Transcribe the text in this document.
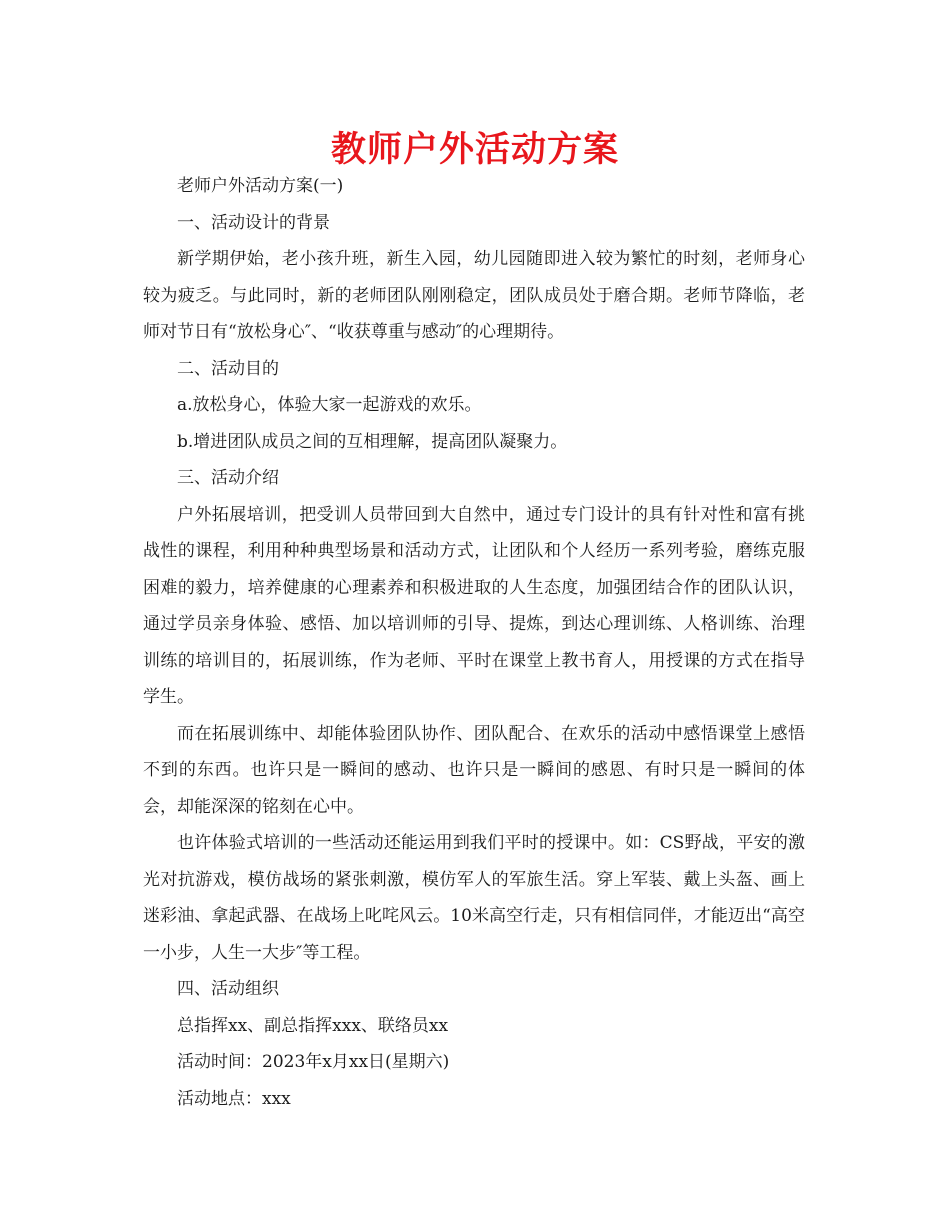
教师户外活动方案

老师户外活动方案(一)

一、活动设计的背景

新学期伊始，老小孩升班，新生入园，幼儿园随即进入较为繁忙的时刻，老师身心较为疲乏。与此同时，新的老师团队刚刚稳定，团队成员处于磨合期。老师节降临，老师对节日有“放松身心″、“收获尊重与感动″的心理期待。

二、活动目的

a.放松身心，体验大家一起游戏的欢乐。

b.增进团队成员之间的互相理解，提高团队凝聚力。

三、活动介绍

户外拓展培训，把受训人员带回到大自然中，通过专门设计的具有针对性和富有挑战性的课程，利用种种典型场景和活动方式，让团队和个人经历一系列考验，磨练克服困难的毅力，培养健康的心理素养和积极进取的人生态度，加强团结合作的团队认识，通过学员亲身体验、感悟、加以培训师的引导、提炼，到达心理训练、人格训练、治理训练的培训目的，拓展训练，作为老师、平时在课堂上教书育人，用授课的方式在指导学生。

而在拓展训练中、却能体验团队协作、团队配合、在欢乐的活动中感悟课堂上感悟不到的东西。也许只是一瞬间的感动、也许只是一瞬间的感恩、有时只是一瞬间的体会，却能深深的铭刻在心中。

也许体验式培训的一些活动还能运用到我们平时的授课中。如：CS野战，平安的激光对抗游戏，模仿战场的紧张刺激，模仿军人的军旅生活。穿上军装、戴上头盔、画上迷彩油、拿起武器、在战场上叱咤风云。10米高空行走，只有相信同伴，才能迈出“高空一小步，人生一大步″等工程。

四、活动组织

总指挥xx、副总指挥xxx、联络员xx

活动时间：2023年x月xx日(星期六)

活动地点：xxx
